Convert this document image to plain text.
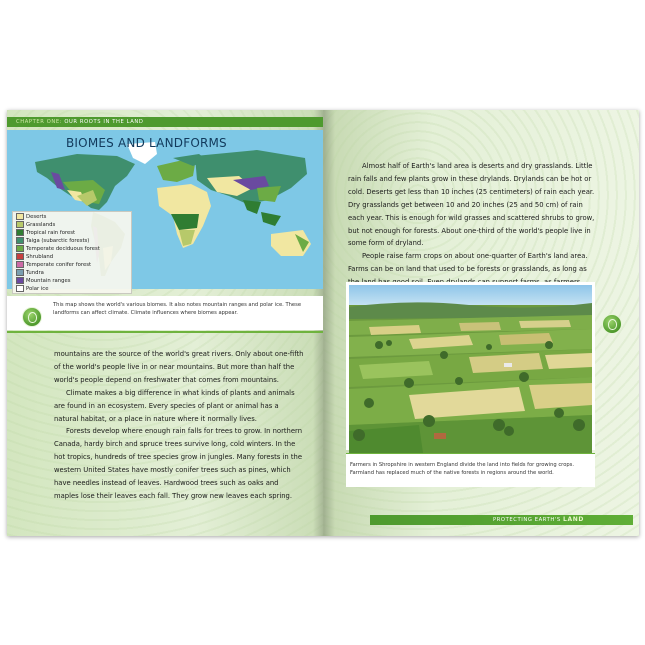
CHAPTER ONE: OUR ROOTS IN THE LAND
BIOMES AND LANDFORMS
Deserts
Grasslands
Tropical rain forest
Taiga (subarctic forests)
Temperate deciduous forest
Shrubland
Temperate conifer forest
Tundra
Mountain ranges
Polar ice
This map shows the world's various biomes. It also notes mountain ranges and polar ice. These landforms can affect climate. Climate influences where biomes appear.

mountains are the source of the world's great rivers. Only about one-fifth of the world's people live in or near mountains. But more than half the world's people depend on freshwater that comes from mountains.

Climate makes a big difference in what kinds of plants and animals are found in an ecosystem. Every species of plant or animal has a natural habitat, or a place in nature where it normally lives.

Forests develop where enough rain falls for trees to grow. In northern Canada, hardy birch and spruce trees survive long, cold winters. In the hot tropics, hundreds of tree species grow in jungles. Many forests in the western United States have mostly conifer trees such as pines, which have needles instead of leaves. Hardwood trees such as oaks and maples lose their leaves each fall. They grow new leaves each spring.

Almost half of Earth's land area is deserts and dry grasslands. Little rain falls and few plants grow in these drylands. Drylands can be hot or cold. Deserts get less than 10 inches (25 centimeters) of rain each year. Dry grasslands get between 10 and 20 inches (25 and 50 cm) of rain each year. This is enough for wild grasses and scattered shrubs to grow, but not enough for forests. About one-third of the world's people live in some form of dryland.

People raise farm crops on about one-quarter of Earth's land area. Farms can be on land that used to be forests or grasslands, as long as

Farmers in Shropshire in western England divide the land into fields for growing crops. Farmland has replaced much of the native forests in regions around the world.
PROTECTING EARTH'S LAND
